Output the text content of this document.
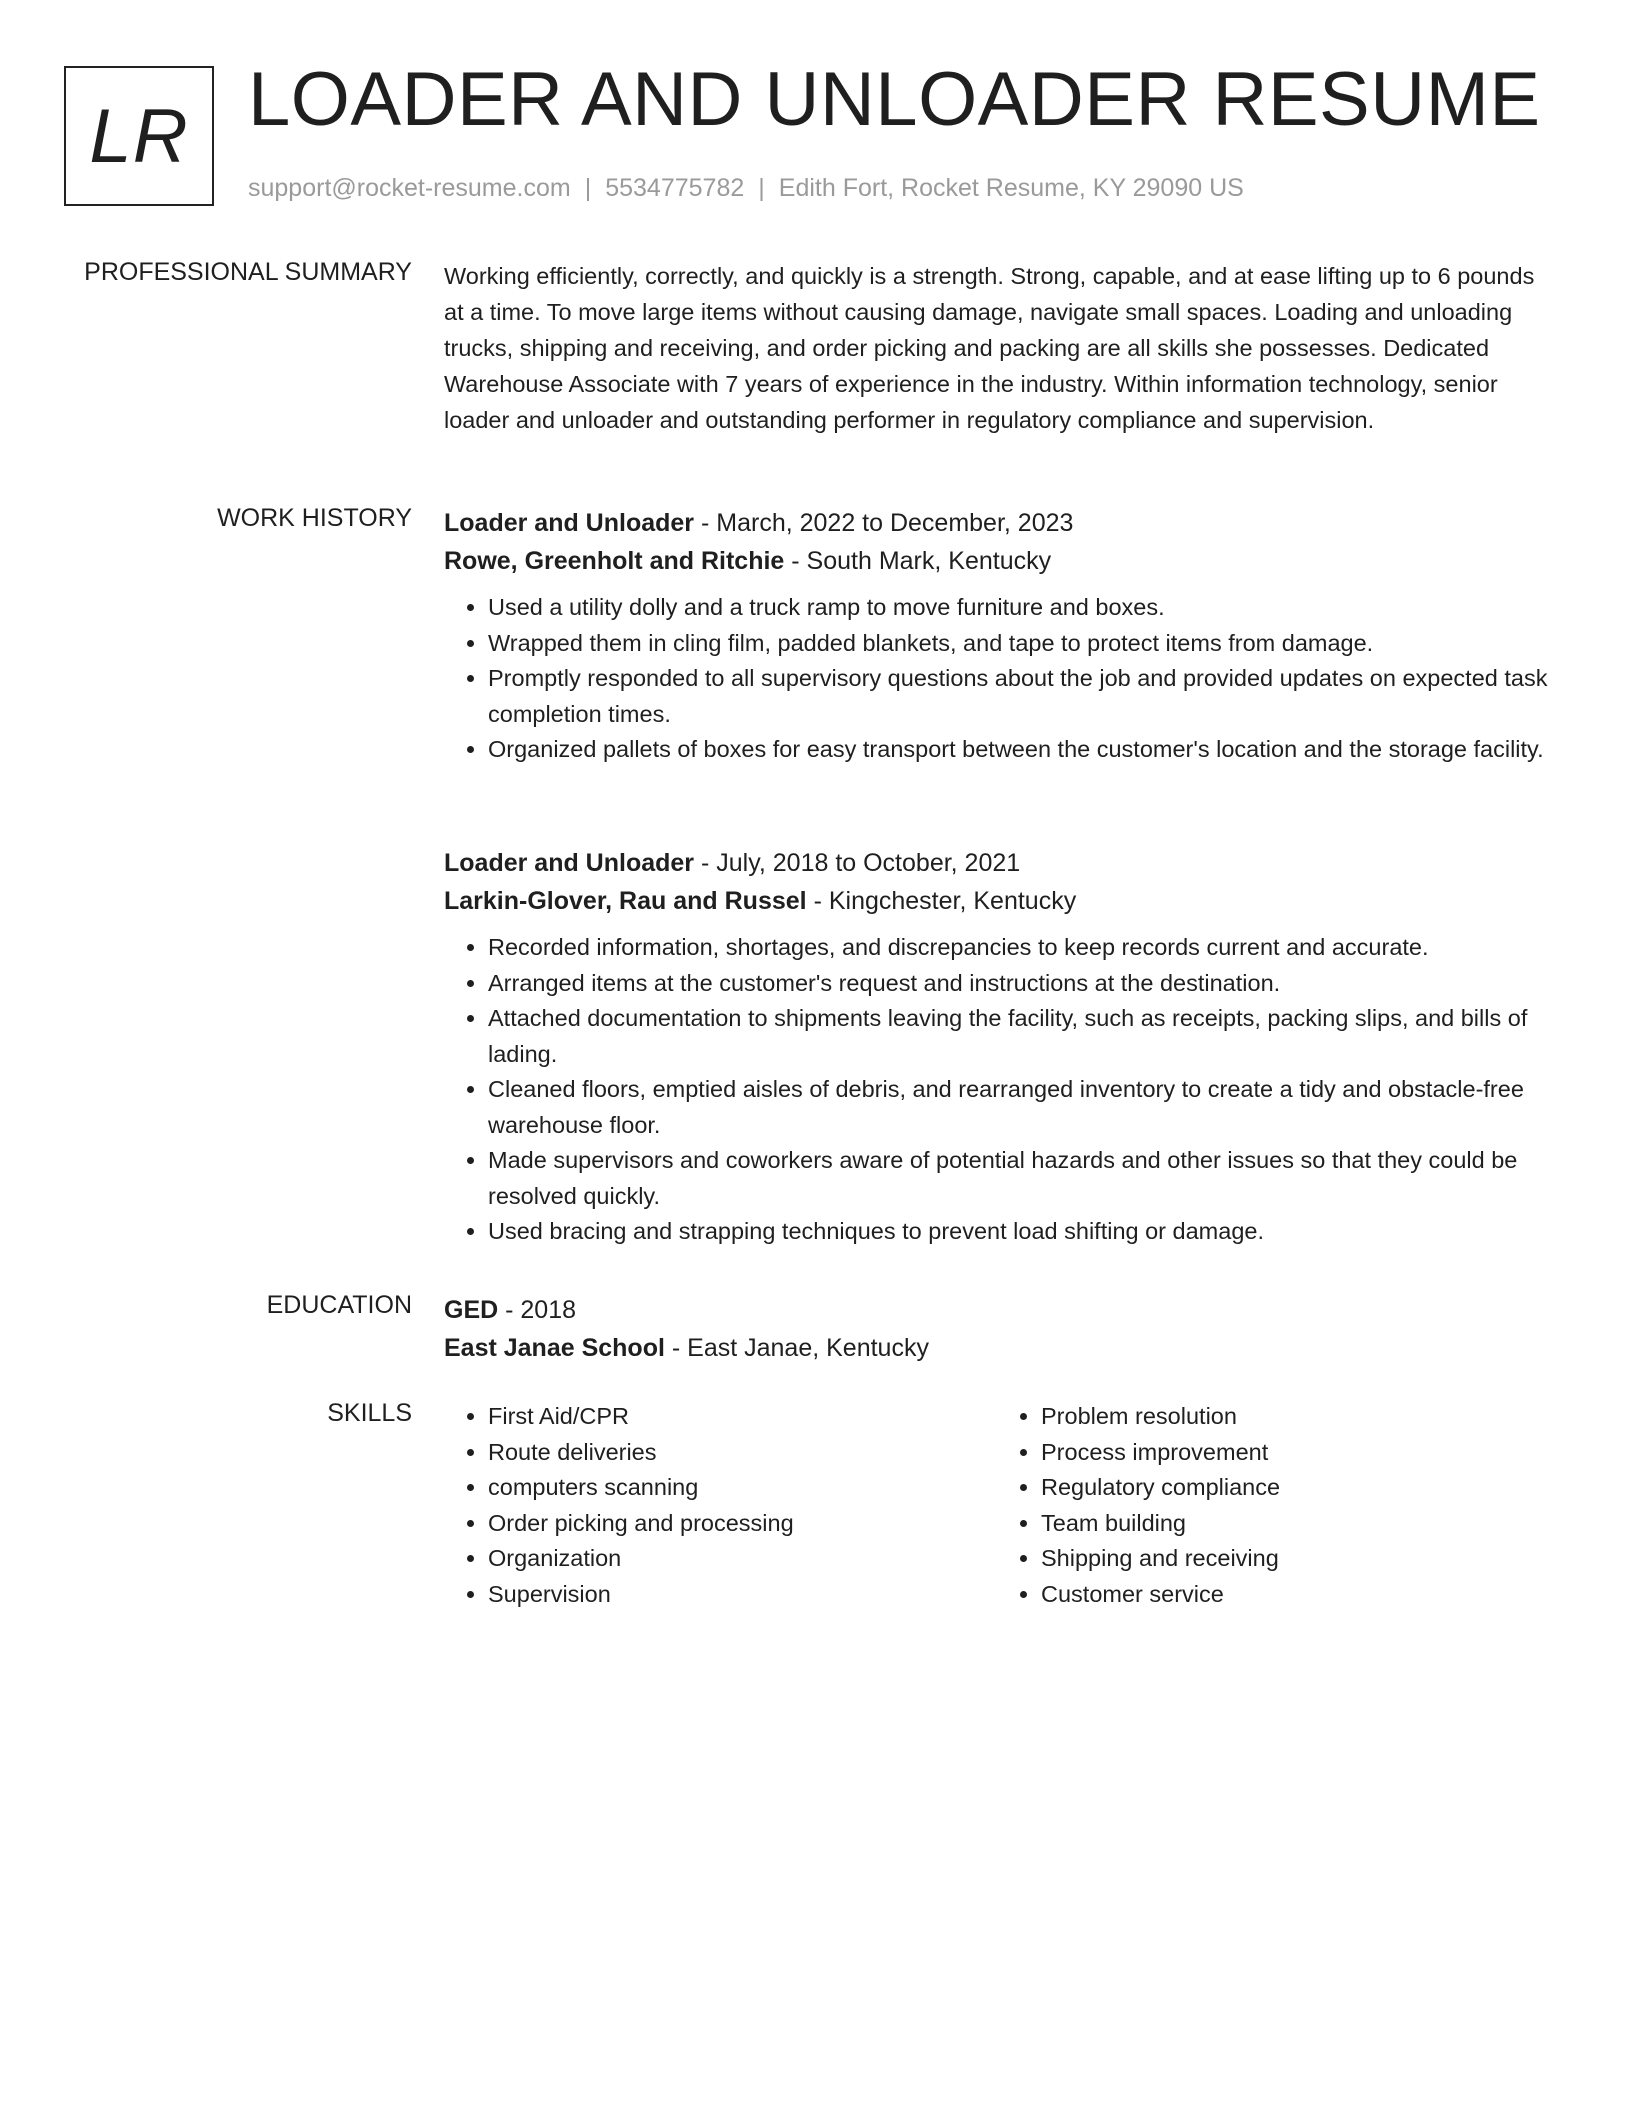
LR LOADER AND UNLOADER RESUME
support@rocket-resume.com | 5534775782 | Edith Fort, Rocket Resume, KY 29090 US
PROFESSIONAL SUMMARY Working efficiently, correctly, and quickly is a strength. Strong, capable, and at ease lifting up to 6 pounds at a time. To move large items without causing damage, navigate small spaces. Loading and unloading trucks, shipping and receiving, and order picking and packing are all skills she possesses. Dedicated Warehouse Associate with 7 years of experience in the industry. Within information technology, senior loader and unloader and outstanding performer in regulatory compliance and supervision.

WORK HISTORY Loader and Unloader - March, 2022 to December, 2023
Rowe, Greenholt and Ritchie - South Mark, Kentucky
• Used a utility dolly and a truck ramp to move furniture and boxes.
• Wrapped them in cling film, padded blankets, and tape to protect items from damage.
• Promptly responded to all supervisory questions about the job and provided updates on expected task completion times.
• Organized pallets of boxes for easy transport between the customer's location and the storage facility.
Loader and Unloader - July, 2018 to October, 2021
Larkin-Glover, Rau and Russel - Kingchester, Kentucky
• Recorded information, shortages, and discrepancies to keep records current and accurate.
• Arranged items at the customer's request and instructions at the destination.
• Attached documentation to shipments leaving the facility, such as receipts, packing slips, and bills of lading.
• Cleaned floors, emptied aisles of debris, and rearranged inventory to create a tidy and obstacle-free warehouse floor.
• Made supervisors and coworkers aware of potential hazards and other issues so that they could be resolved quickly.
• Used bracing and strapping techniques to prevent load shifting or damage.
EDUCATION GED - 2018
East Janae School - East Janae, Kentucky
SKILLS
•	First Aid/CPR
• Route deliveries
• computers scanning
• Order picking and processing
• Organization
• Supervision
• Problem resolution
• Process improvement
• Regulatory compliance
• Team building
• Shipping and receiving
• Customer service
